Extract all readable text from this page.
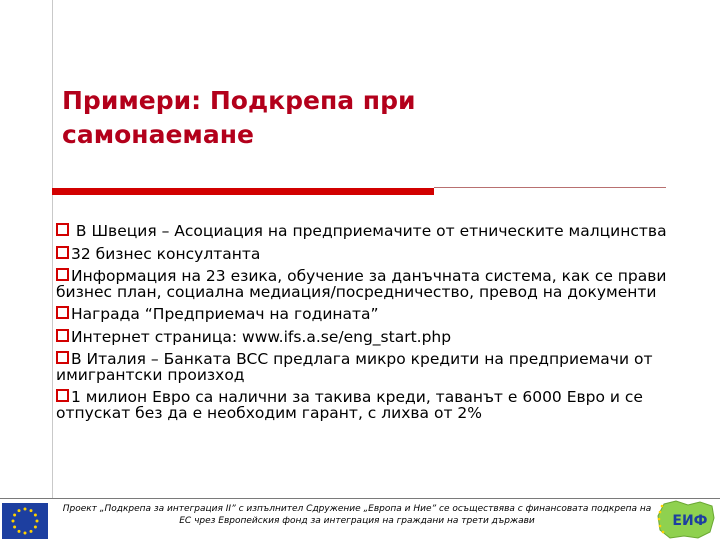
Примери: Подкрепа при
самонаемане
В Швеция – Асоциация на предприемачите от етническите малцинства
32 бизнес консултанта
Информация на 23 езика, обучение за данъчната система, как се прави бизнес план, социална медиация/посредничество, превод на документи
Награда “Предприемач на годината”
Интернет страница: www.ifs.a.se/eng_start.php
В Италия – Банката BCC предлага микро кредити на предприемачи от имигрантски произход
1 милион Евро са налични за такива креди, таванът е 6000 Евро и се отпускат без да е необходим гарант, с лихва от 2%
Проект „Подкрепа за интеграция II” с изпълнител Сдружение „Европа и Ние” се осъществява с финансовата подкрепа на
ЕС чрез Европейския фонд за интеграция на граждани на трети държави	ЕИФ
